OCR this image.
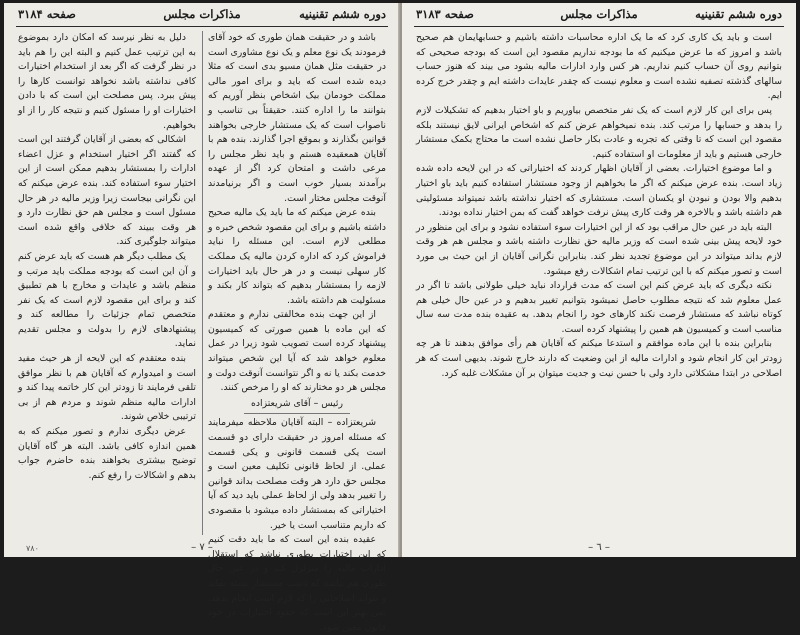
دوره ششم تقنینیه
مذاکرات مجلس
صفحه ۳۱۸۴

باشد و در حقیقت همان طوری که خود آقای فرمودند یک نوع معلم و یک نوع مشاوری است در حقیقت مثل همان مسیو بدی است که مثلا دیده شده است که باید و برای امور مالی مملکت خودمان بیک اشخاص بنظر آوریم که بتوانند ما را اداره کنند. حقیقتاً بی تناسب و ناصواب است که یک مستشار خارجی بخواهند قوانین بگذارند و بموقع اجرا گذارند. بنده هم با آقایان همعقیده هستم و باید نظر مجلس را مرعی داشت و امتحان کرد اگر از عهده برآمدند بسیار خوب است و اگر برنیامدند آنوقت مجلس مختار است.

بنده عرض میکنم که ما باید یک مالیه صحیح داشته باشیم و برای این مقصود شخص خبره و مطلعی لازم است. این مسئله را نباید فراموش کرد که اداره کردن مالیه یک مملکت کار سهلی نیست و در هر حال باید اختیارات لازمه را بمستشار بدهیم که بتواند کار بکند و مسئولیت هم داشته باشد.

از این جهت بنده مخالفتی ندارم و معتقدم که این ماده با همین صورتی که کمیسیون پیشنهاد کرده است تصویب شود زیرا در عمل معلوم خواهد شد که آیا این شخص میتواند خدمت بکند یا نه و اگر نتوانست آنوقت دولت و مجلس هر دو مختارند که او را مرخص کنند.

رئیس – آقای شریعتزاده

شریعتزاده – البته آقایان ملاحظه میفرمایند که مسئله امروز در حقیقت دارای دو قسمت است یکی قسمت قانونی و یکی قسمت عملی. از لحاظ قانونی تکلیف معین است و مجلس حق دارد هر وقت مصلحت بداند قوانین را تغییر بدهد ولی از لحاظ عملی باید دید که آیا اختیاراتی که بمستشار داده میشود با مقصودی که داریم متناسب است یا خیر.

عقیده بنده این است که ما باید دقت کنیم که این اختیارات بطوری نباشد که استقلال ادارات مالیه را متزلزل کند و در عین حال طوری هم نباشد که دست مستشار بسته بماند و نتواند اصلاحاتی را که لازم است انجام بدهد. پس بهتر این است که حدود اختیارات در خود قانون معین شود.

دلیل به نظر نیرسد که امکان دارد بموضوع به این ترتیب عمل کنیم و البته این را هم باید در نظر گرفت که اگر بعد از استخدام اختیارات کافی نداشته باشد نخواهد توانست کارها را پیش ببرد. پس مصلحت این است که با دادن اختیارات او را مسئول کنیم و نتیجه کار را از او بخواهیم.

اشکالی که بعضی از آقایان گرفتند این است که گفتند اگر اختیار استخدام و عزل اعضاء ادارات را بمستشار بدهیم ممکن است از این اختیار سوء استفاده کند. بنده عرض میکنم که این نگرانی بیجاست زیرا وزیر مالیه در هر حال مسئول است و مجلس هم حق نظارت دارد و هر وقت ببیند که خلافی واقع شده است میتواند جلوگیری کند.

یک مطلب دیگر هم هست که باید عرض کنم و آن این است که بودجه مملکت باید مرتب و منظم باشد و عایدات و مخارج با هم تطبیق کند و برای این مقصود لازم است که یک نفر متخصص تمام جزئیات را مطالعه کند و پیشنهادهای لازم را بدولت و مجلس تقدیم نماید.

بنده معتقدم که این لایحه از هر حیث مفید است و امیدوارم که آقایان هم با نظر موافق تلقی فرمایند تا زودتر این کار خاتمه پیدا کند و ادارات مالیه منظم شوند و مردم هم از بی ترتیبی خلاص شوند.

عرض دیگری ندارم و تصور میکنم که به همین اندازه کافی باشد. البته هر گاه آقایان توضیح بیشتری بخواهند بنده حاضرم جواب بدهم و اشکالات را رفع کنم.

– ٧ –
۷۸۰
دوره ششم تقنینیه
مذاکرات مجلس
صفحه ۳۱۸۳

است و باید یک کاری کرد که ما یک اداره محاسبات داشته باشیم و حسابهایمان هم صحیح باشد و امروز که ما عرض میکنیم که ما بودجه نداریم مقصود این است که بودجه صحیحی که بتوانیم روی آن حساب کنیم نداریم. هر کس وارد ادارات مالیه بشود می بیند که هنوز حساب سالهای گذشته تصفیه نشده است و معلوم نیست که چقدر عایدات داشته ایم و چقدر خرج کرده ایم.

پس برای این کار لازم است که یک نفر متخصص بیاوریم و باو اختیار بدهیم که تشکیلات لازم را بدهد و حسابها را مرتب کند. بنده نمیخواهم عرض کنم که اشخاص ایرانی لایق نیستند بلکه مقصود این است که تا وقتی که تجربه و عادت بکار حاصل نشده است ما محتاج بکمک مستشار خارجی هستیم و باید از معلومات او استفاده کنیم.

و اما موضوع اختیارات. بعضی از آقایان اظهار کردند که اختیاراتی که در این لایحه داده شده زیاد است. بنده عرض میکنم که اگر ما بخواهیم از وجود مستشار استفاده کنیم باید باو اختیار بدهیم والا بودن و نبودن او یکسان است. مستشاری که اختیار نداشته باشد نمیتواند مسئولیتی هم داشته باشد و بالاخره هر وقت کاری پیش نرفت خواهد گفت که بمن اختیار نداده بودند.

البته باید در عین حال مراقب بود که از این اختیارات سوء استفاده نشود و برای این منظور در خود لایحه پیش بینی شده است که وزیر مالیه حق نظارت داشته باشد و مجلس هم هر وقت لازم بداند میتواند در این موضوع تجدید نظر کند. بنابراین نگرانی آقایان از این حیث بی مورد است و تصور میکنم که با این ترتیب تمام اشکالات رفع میشود.

نکته دیگری که باید عرض کنم این است که مدت قرارداد نباید خیلی طولانی باشد تا اگر در عمل معلوم شد که نتیجه مطلوب حاصل نمیشود بتوانیم تغییر بدهیم و در عین حال خیلی هم کوتاه نباشد که مستشار فرصت نکند کارهای خود را انجام بدهد. به عقیده بنده مدت سه سال مناسب است و کمیسیون هم همین را پیشنهاد کرده است.

بنابراین بنده با این ماده موافقم و استدعا میکنم که آقایان هم رأی موافق بدهند تا هر چه زودتر این کار انجام شود و ادارات مالیه از این وضعیت که دارند خارج شوند. بدیهی است که هر اصلاحی در ابتدا مشکلاتی دارد ولی با حسن نیت و جدیت میتوان بر آن مشکلات غلبه کرد.

– ٦ –
